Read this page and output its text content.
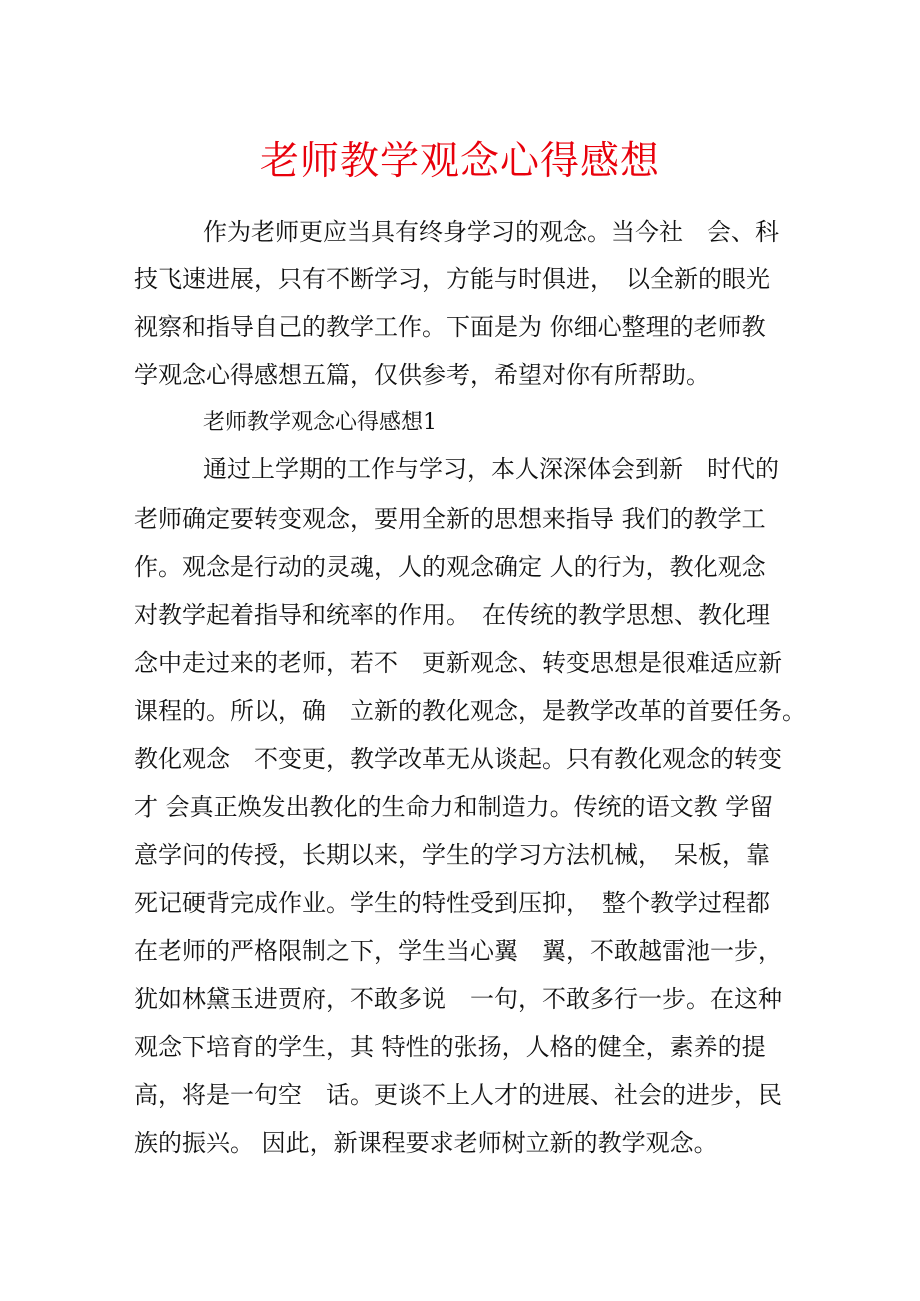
老师教学观念心得感想
作为老师更应当具有终身学习的观念。当今社　会、科
技飞速进展，只有不断学习，方能与时俱进，　以全新的眼光
视察和指导自己的教学工作。下面是为 你细心整理的老师教
学观念心得感想五篇，仅供参考，希望对你有所帮助。
老师教学观念心得感想1
通过上学期的工作与学习，本人深深体会到新　时代的
老师确定要转变观念，要用全新的思想来指导 我们的教学工
作。观念是行动的灵魂，人的观念确定 人的行为，教化观念
对教学起着指导和统率的作用。　在传统的教学思想、教化理
念中走过来的老师，若不　更新观念、转变思想是很难适应新
课程的。所以，确　立新的教化观念，是教学改革的首要任务。
教化观念　不变更，教学改革无从谈起。只有教化观念的转变
才 会真正焕发出教化的生命力和制造力。传统的语文教 学留
意学问的传授，长期以来，学生的学习方法机械，　呆板，靠
死记硬背完成作业。学生的特性受到压抑，　整个教学过程都
在老师的严格限制之下，学生当心翼　翼，不敢越雷池一步，
犹如林黛玉进贾府，不敢多说　一句，不敢多行一步。在这种
观念下培育的学生，其 特性的张扬，人格的健全，素养的提
高，将是一句空　话。更谈不上人才的进展、社会的进步，民
族的振兴。 因此，新课程要求老师树立新的教学观念。
